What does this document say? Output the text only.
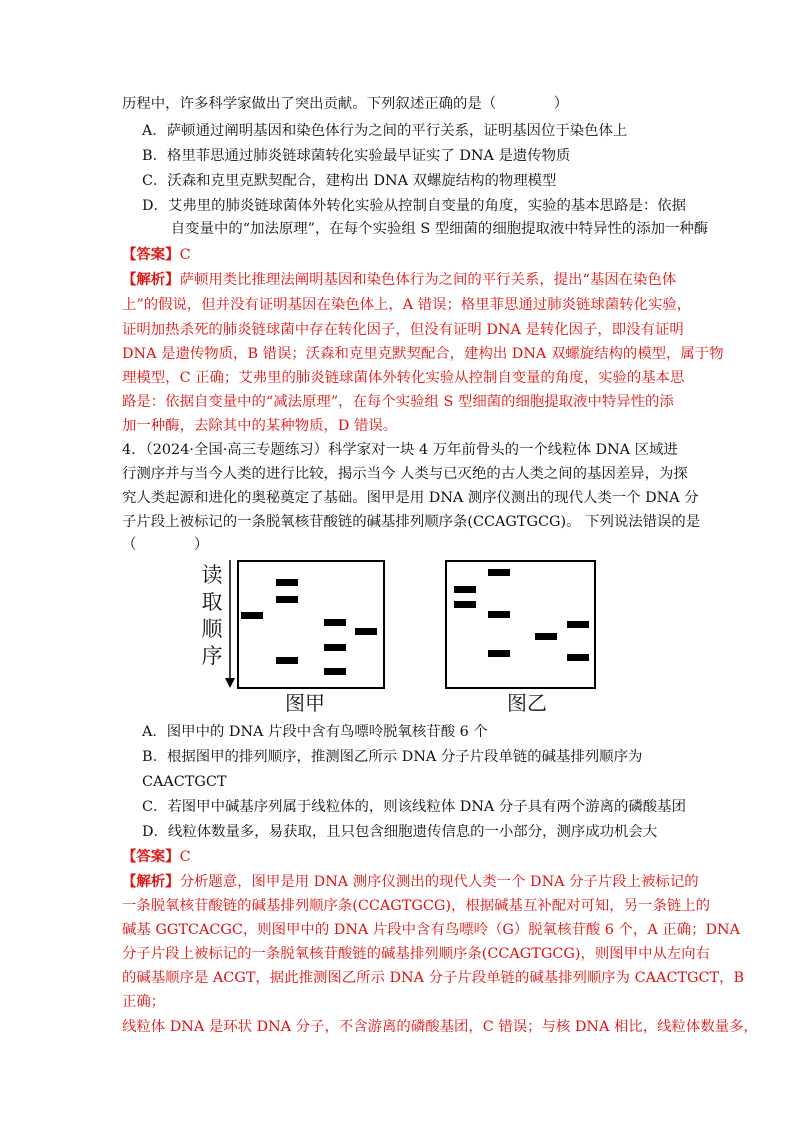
历程中，许多科学家做出了突出贡献。下列叙述正确的是（　　　　）
A．萨顿通过阐明基因和染色体行为之间的平行关系，证明基因位于染色体上
B．格里菲思通过肺炎链球菌转化实验最早证实了 DNA 是遗传物质
C．沃森和克里克默契配合，建构出 DNA 双螺旋结构的物理模型
D．艾弗里的肺炎链球菌体外转化实验从控制自变量的角度，实验的基本思路是：依据
　　自变量中的“加法原理”，在每个实验组 S 型细菌的细胞提取液中特异性的添加一种酶
【答案】C
【解析】萨顿用类比推理法阐明基因和染色体行为之间的平行关系，提出“基因在染色体
上”的假说，但并没有证明基因在染色体上，A 错误；格里菲思通过肺炎链球菌转化实验，
证明加热杀死的肺炎链球菌中存在转化因子，但没有证明 DNA 是转化因子，即没有证明
DNA 是遗传物质，B 错误；沃森和克里克默契配合，建构出 DNA 双螺旋结构的模型，属于物
理模型，C 正确；艾弗里的肺炎链球菌体外转化实验从控制自变量的角度，实验的基本思
路是：依据自变量中的“减法原理”，在每个实验组 S 型细菌的细胞提取液中特异性的添
加一种酶，去除其中的某种物质，D 错误。
4．（2024·全国·高三专题练习）科学家对一块 4 万年前骨头的一个线粒体 DNA 区域进
行测序并与当今人类的进行比较，揭示当今 人类与已灭绝的古人类之间的基因差异，为探
究人类起源和进化的奥秘奠定了基础。图甲是用 DNA 测序仪测出的现代人类一个 DNA 分
子片段上被标记的一条脱氧核苷酸链的碱基排列顺序条(CCAGTGCG)。 下列说法错误的是
（　　　　）
读
取
顺
序
图甲	图乙
A．图甲中的 DNA 片段中含有鸟嘌呤脱氧核苷酸 6 个
B．根据图甲的排列顺序，推测图乙所示 DNA 分子片段单链的碱基排列顺序为
CAACTGCT
C．若图甲中碱基序列属于线粒体的，则该线粒体 DNA 分子具有两个游离的磷酸基团
D．线粒体数量多，易获取，且只包含细胞遗传信息的一小部分，测序成功机会大
【答案】C
【解析】分析题意，图甲是用 DNA 测序仪测出的现代人类一个 DNA 分子片段上被标记的
一条脱氧核苷酸链的碱基排列顺序条(CCAGTGCG)，根据碱基互补配对可知，另一条链上的
碱基 GGTCACGC，则图甲中的 DNA 片段中含有鸟嘌呤（G）脱氧核苷酸 6 个，A 正确；DNA
分子片段上被标记的一条脱氧核苷酸链的碱基排列顺序条(CCAGTGCG)，则图甲中从左向右
的碱基顺序是 ACGT，据此推测图乙所示 DNA 分子片段单链的碱基排列顺序为 CAACTGCT，B
正确；
线粒体 DNA 是环状 DNA 分子，不含游离的磷酸基团，C 错误；与核 DNA 相比，线粒体数量多，
